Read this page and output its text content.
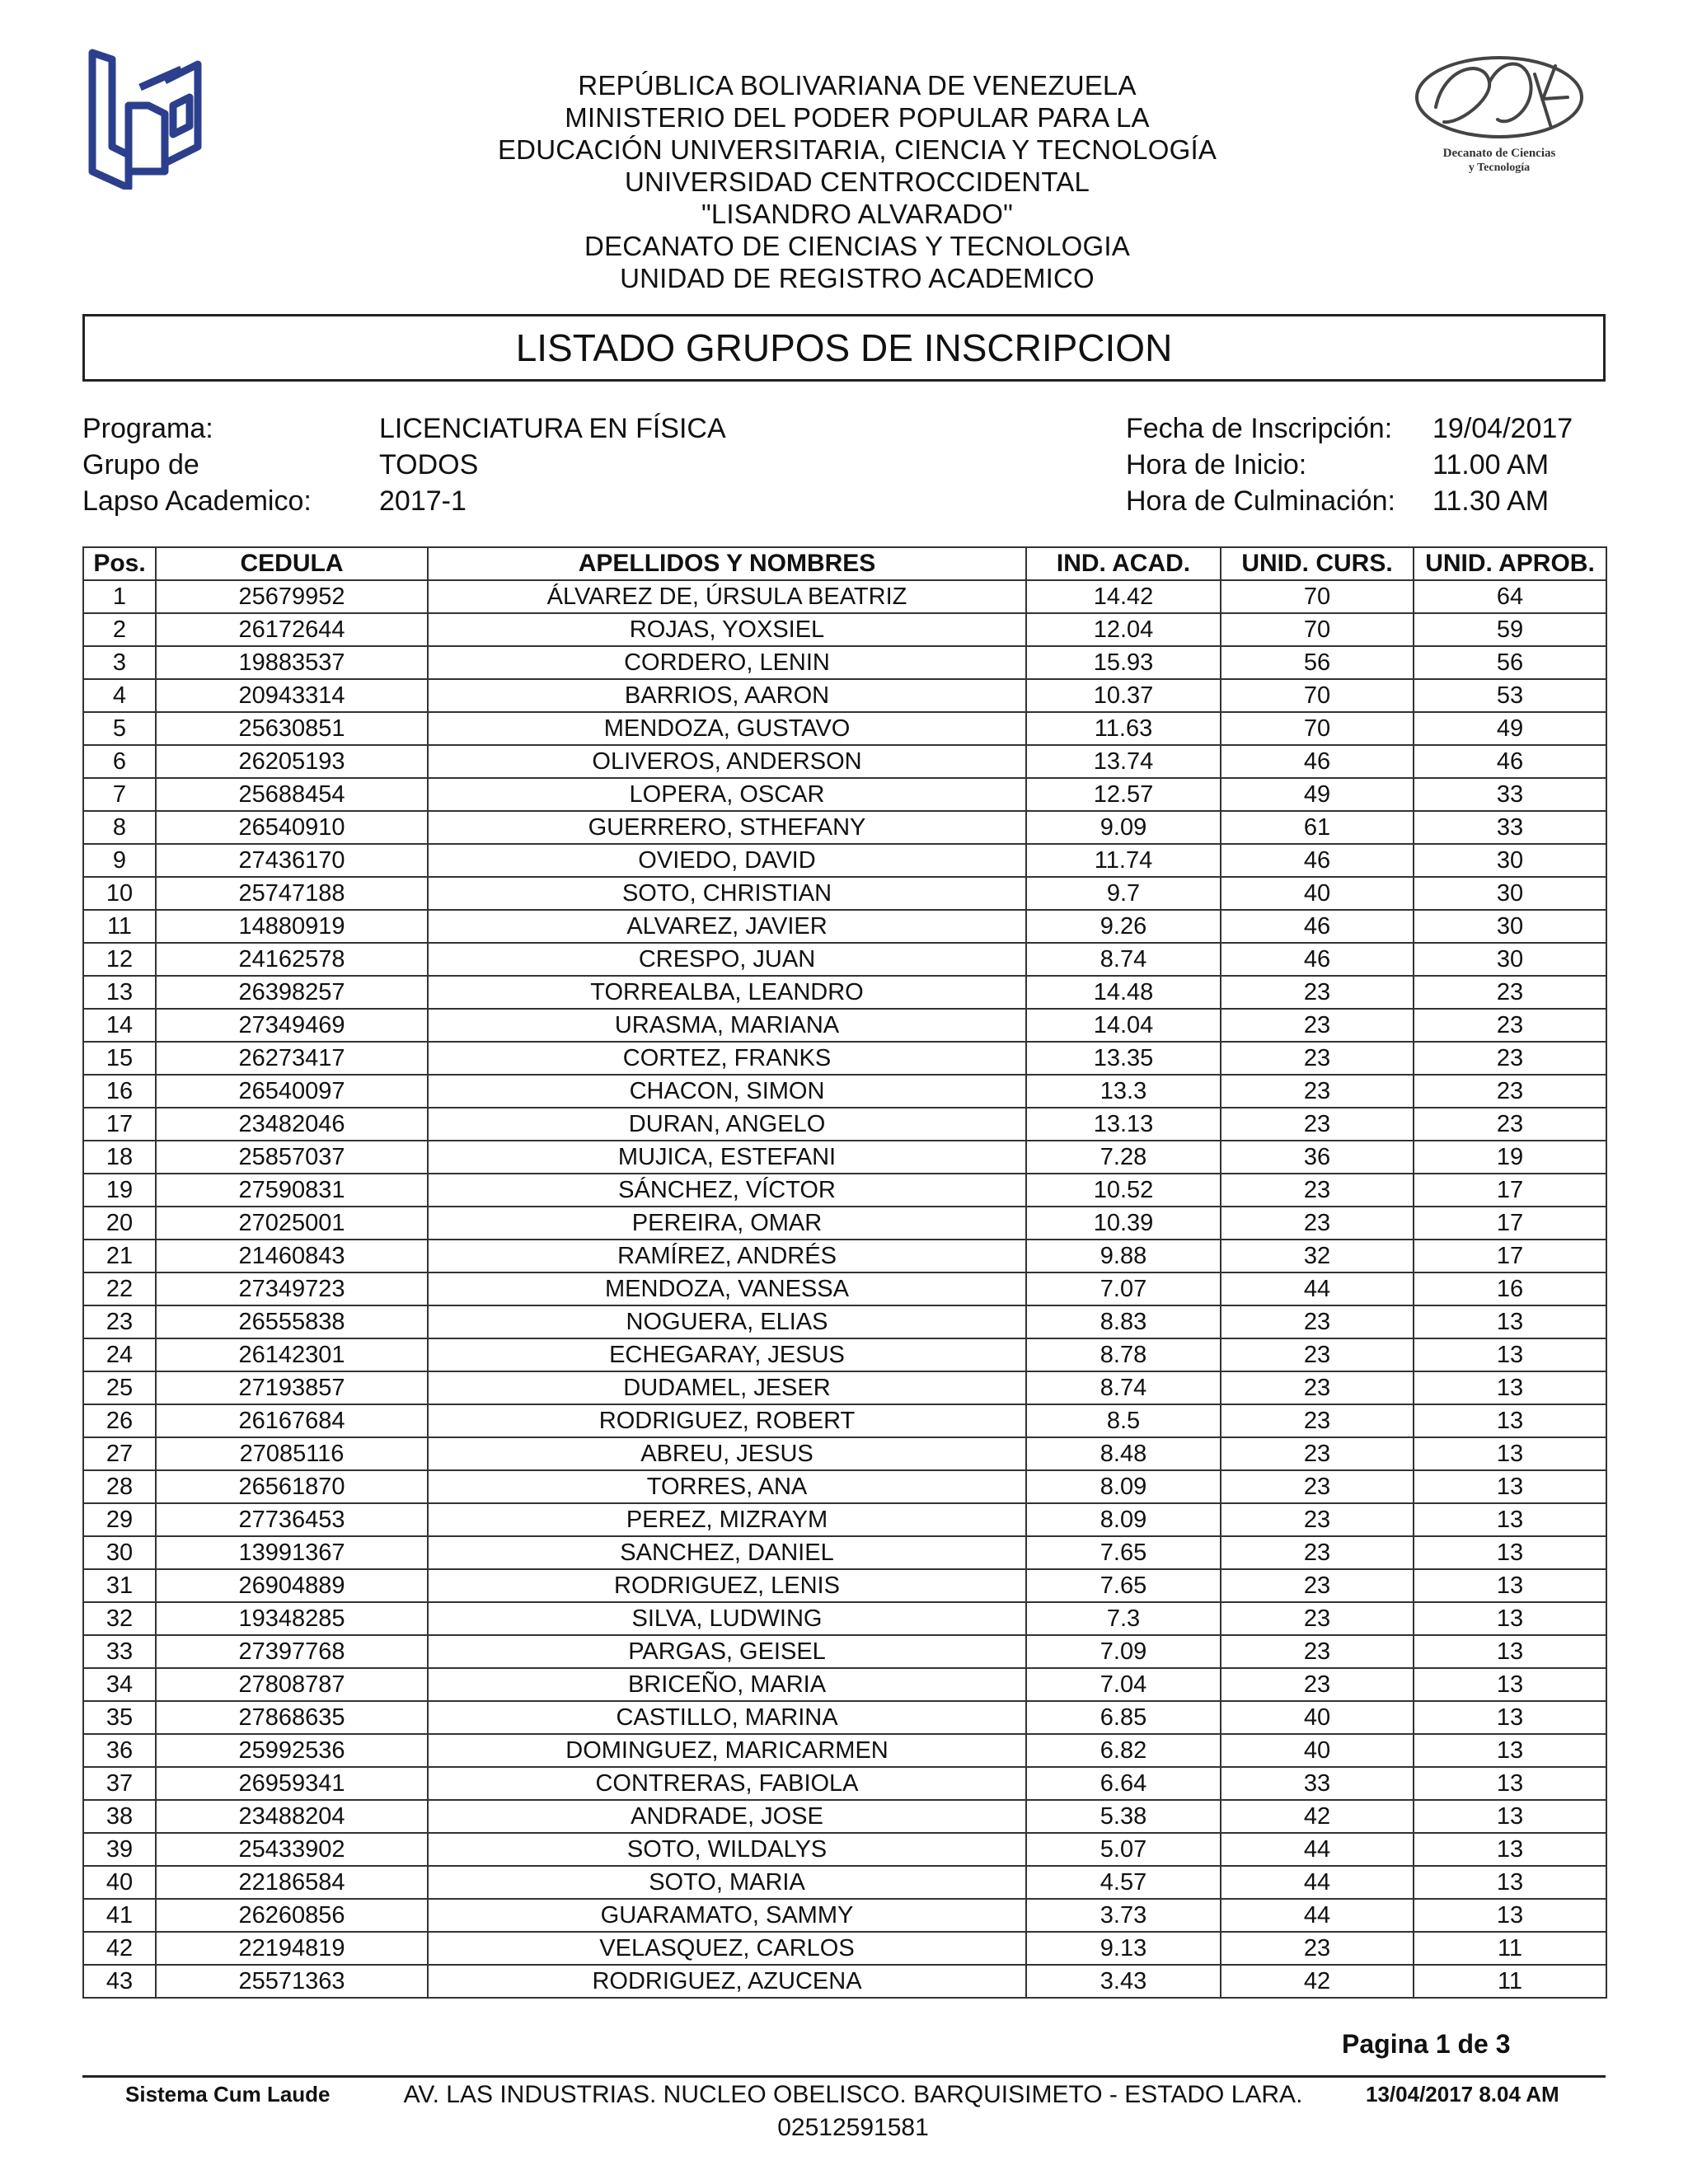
REPÚBLICA BOLIVARIANA DE VENEZUELA
MINISTERIO DEL PODER POPULAR PARA LA
EDUCACIÓN UNIVERSITARIA, CIENCIA Y TECNOLOGÍA
UNIVERSIDAD CENTROCCIDENTAL
"LISANDRO ALVARADO"
DECANATO DE CIENCIAS Y TECNOLOGIA
UNIDAD DE REGISTRO ACADEMICO
Decanato de Ciencias
y Tecnología
LISTADO GRUPOS DE INSCRIPCION
Programa:	LICENCIATURA EN FÍSICA
Grupo de	TODOS
Lapso Academico: 2017-1
Fecha de Inscripción: 19/04/2017
Hora de Inicio:	11.00 AM
Hora de Culminación: 11.30 AM
Pos.	CEDULA	APELLIDOS Y NOMBRES	IND. ACAD.	UNID. CURS.	UNID. APROB.
1	25679952	ÁLVAREZ DE, ÚRSULA BEATRIZ	14.42	70	64
2	26172644	ROJAS, YOXSIEL	12.04	70	59
3	19883537	CORDERO, LENIN	15.93	56	56
4	20943314	BARRIOS, AARON	10.37	70	53
5	25630851	MENDOZA, GUSTAVO	11.63	70	49
6	26205193	OLIVEROS, ANDERSON	13.74	46	46
7	25688454	LOPERA, OSCAR	12.57	49	33
8	26540910	GUERRERO, STHEFANY	9.09	61	33
9	27436170	OVIEDO, DAVID	11.74	46	30
10	25747188	SOTO, CHRISTIAN	9.7	40	30
11	14880919	ALVAREZ, JAVIER	9.26	46	30
12	24162578	CRESPO, JUAN	8.74	46	30
13	26398257	TORREALBA, LEANDRO	14.48	23	23
14	27349469	URASMA, MARIANA	14.04	23	23
15	26273417	CORTEZ, FRANKS	13.35	23	23
16	26540097	CHACON, SIMON	13.3	23	23
17	23482046	DURAN, ANGELO	13.13	23	23
18	25857037	MUJICA, ESTEFANI	7.28	36	19
19	27590831	SÁNCHEZ, VÍCTOR	10.52	23	17
20	27025001	PEREIRA, OMAR	10.39	23	17
21	21460843	RAMÍREZ, ANDRÉS	9.88	32	17
22	27349723	MENDOZA, VANESSA	7.07	44	16
23	26555838	NOGUERA, ELIAS	8.83	23	13
24	26142301	ECHEGARAY, JESUS	8.78	23	13
25	27193857	DUDAMEL, JESER	8.74	23	13
26	26167684	RODRIGUEZ, ROBERT	8.5	23	13
27	27085116	ABREU, JESUS	8.48	23	13
28	26561870	TORRES, ANA	8.09	23	13
29	27736453	PEREZ, MIZRAYM	8.09	23	13
30	13991367	SANCHEZ, DANIEL	7.65	23	13
31	26904889	RODRIGUEZ, LENIS	7.65	23	13
32	19348285	SILVA, LUDWING	7.3	23	13
33	27397768	PARGAS, GEISEL	7.09	23	13
34	27808787	BRICEÑO, MARIA	7.04	23	13
35	27868635	CASTILLO, MARINA	6.85	40	13
36	25992536	DOMINGUEZ, MARICARMEN	6.82	40	13
37	26959341	CONTRERAS, FABIOLA	6.64	33	13
38	23488204	ANDRADE, JOSE	5.38	42	13
39	25433902	SOTO, WILDALYS	5.07	44	13
40	22186584	SOTO, MARIA	4.57	44	13
41	26260856	GUARAMATO, SAMMY	3.73	44	13
42	22194819	VELASQUEZ, CARLOS	9.13	23	11
43	25571363	RODRIGUEZ, AZUCENA	3.43	42	11
Pagina 1 de 3
Sistema Cum Laude	AV. LAS INDUSTRIAS. NUCLEO OBELISCO. BARQUISIMETO - ESTADO LARA.
02512591581
13/04/2017 8.04 AM
